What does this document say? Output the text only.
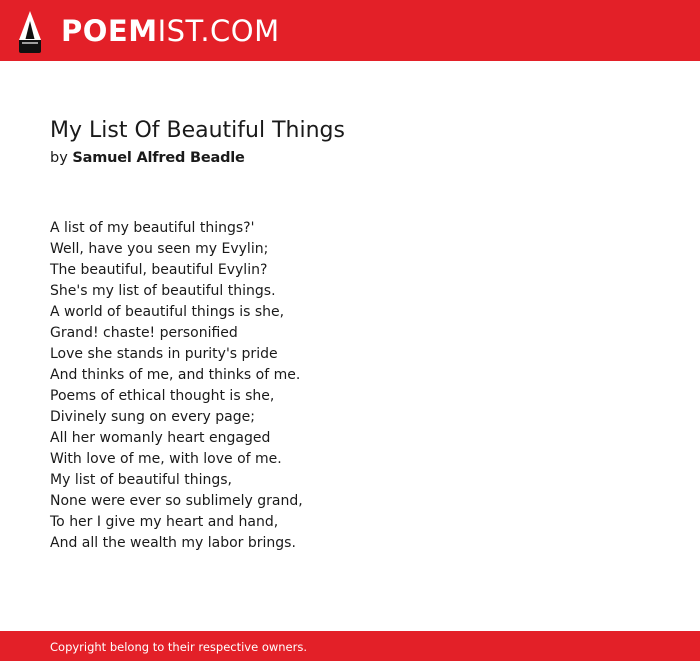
POEMIST.COM
My List Of Beautiful Things
by Samuel Alfred Beadle
A list of my beautiful things?'
Well, have you seen my Evylin;
The beautiful, beautiful Evylin?
She's my list of beautiful things.
A world of beautiful things is she,
Grand! chaste! personified
Love she stands in purity's pride
And thinks of me, and thinks of me.
Poems of ethical thought is she,
Divinely sung on every page;
All her womanly heart engaged
With love of me, with love of me.
My list of beautiful things,
None were ever so sublimely grand,
To her I give my heart and hand,
And all the wealth my labor brings.
Copyright belong to their respective owners.
